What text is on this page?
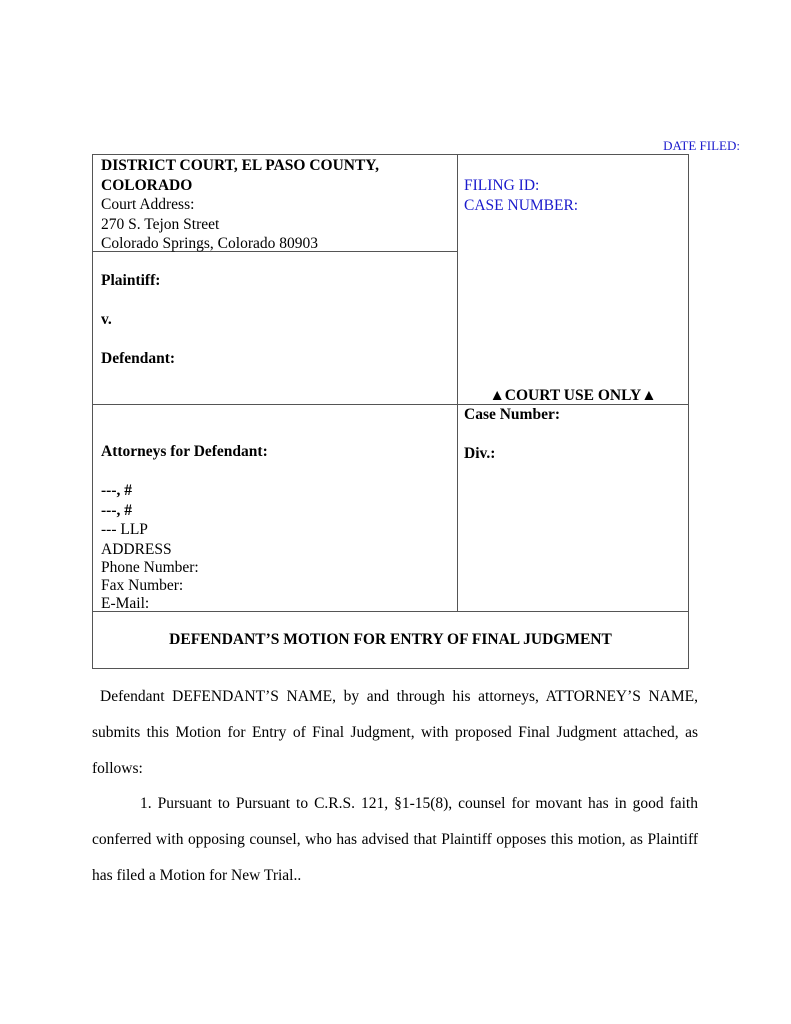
DATE FILED:
DISTRICT COURT, EL PASO COUNTY,
COLORADO
Court Address:
270 S. Tejon Street
Colorado Springs, Colorado 80903
Plaintiff:
v.
Defendant:
FILING ID:
CASE NUMBER:
▲COURT USE ONLY▲
Attorneys for Defendant:
---, #
---, #
--- LLP
ADDRESS
Phone Number:
Fax Number:
E-Mail:
Case Number:
Div.:
DEFENDANT’S MOTION FOR ENTRY OF FINAL JUDGMENT

Defendant DEFENDANT’S NAME, by and through his attorneys, ATTORNEY’S NAME, submits this Motion for Entry of Final Judgment, with proposed Final Judgment attached, as follows:

1. Pursuant to Pursuant to C.R.S. 121, §1-15(8), counsel for movant has in good faith conferred with opposing counsel, who has advised that Plaintiff opposes this motion, as Plaintiff has filed a Motion for New Trial..
